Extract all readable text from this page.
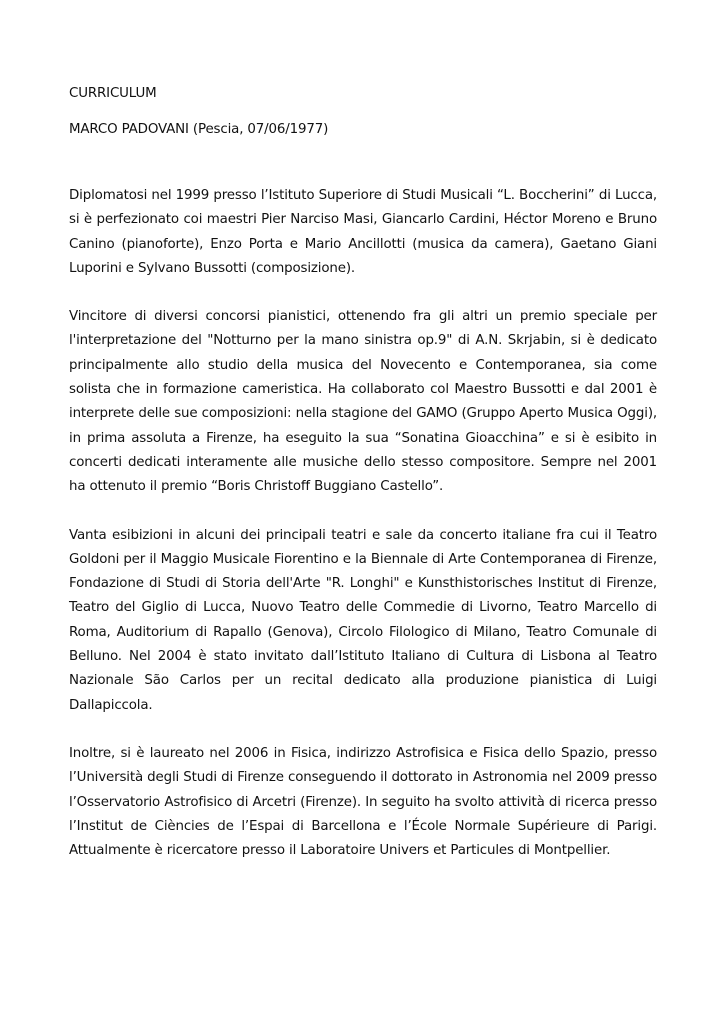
CURRICULUM

MARCO PADOVANI (Pescia, 07/06/1977)

Diplomatosi nel 1999 presso l’Istituto Superiore di Studi Musicali “L. Boccherini” di Lucca, si è perfezionato coi maestri Pier Narciso Masi, Giancarlo Cardini, Héctor Moreno e Bruno Canino (pianoforte), Enzo Porta e Mario Ancillotti (musica da camera), Gaetano Giani Luporini e Sylvano Bussotti (composizione).

Vincitore di diversi concorsi pianistici, ottenendo fra gli altri un premio speciale per l'interpretazione del "Notturno per la mano sinistra op.9" di A.N. Skrjabin, si è dedicato principalmente allo studio della musica del Novecento e Contemporanea, sia come solista che in formazione cameristica. Ha collaborato col Maestro Bussotti e dal 2001 è interprete delle sue composizioni: nella stagione del GAMO (Gruppo Aperto Musica Oggi), in prima assoluta a Firenze, ha eseguito la sua “Sonatina Gioacchina” e si è esibito in concerti dedicati interamente alle musiche dello stesso compositore. Sempre nel 2001 ha ottenuto il premio “Boris Christoff Buggiano Castello”.

Vanta esibizioni in alcuni dei principali teatri e sale da concerto italiane fra cui il Teatro Goldoni per il Maggio Musicale Fiorentino e la Biennale di Arte Contemporanea di Firenze, Fondazione di Studi di Storia dell'Arte "R. Longhi" e Kunsthistorisches Institut di Firenze, Teatro del Giglio di Lucca, Nuovo Teatro delle Commedie di Livorno, Teatro Marcello di Roma, Auditorium di Rapallo (Genova), Circolo Filologico di Milano, Teatro Comunale di Belluno. Nel 2004 è stato invitato dall’Istituto Italiano di Cultura di Lisbona al Teatro Nazionale São Carlos per un recital dedicato alla produzione pianistica di Luigi Dallapiccola.

Inoltre, si è laureato nel 2006 in Fisica, indirizzo Astrofisica e Fisica dello Spazio, presso l’Università degli Studi di Firenze conseguendo il dottorato in Astronomia nel 2009 presso l’Osservatorio Astrofisico di Arcetri (Firenze). In seguito ha svolto attività di ricerca presso l’Institut de Ciències de l’Espai di Barcellona e l’École Normale Supérieure di Parigi. Attualmente è ricercatore presso il Laboratoire Univers et Particules di Montpellier.
